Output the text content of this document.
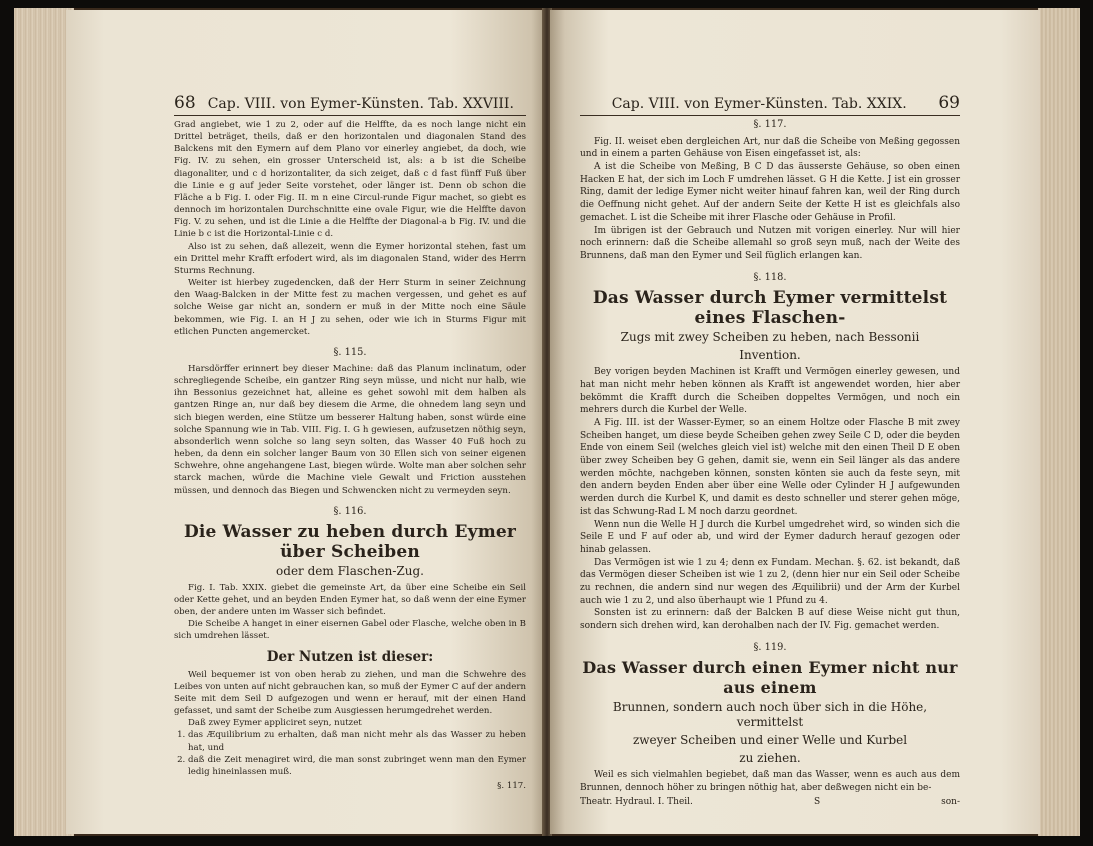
68 Cap. VIII. von Eymer-Künsten. Tab. XXVIII.

Grad angiebet, wie 1 zu 2, oder auf die Helffte, da es noch lange nicht ein Drittel beträget, theils, daß er den horizontalen und diagonalen Stand des Balckens mit den Eymern auf dem Plano vor einerley angiebet, da doch, wie Fig. IV. zu sehen, ein grosser Unterscheid ist, als: a b ist die Scheibe diagonaliter, und c d horizontaliter, da sich zeiget, daß c d fast fünff Fuß über die Linie e g auf jeder Seite vorstehet, oder länger ist. Denn ob schon die Fläche a b Fig. I. oder Fig. II. m n eine Circul-runde Figur machet, so giebt es dennoch im horizontalen Durchschnitte eine ovale Figur, wie die Helffte davon Fig. V. zu sehen, und ist die Linie a die Helffte der Diagonal-a b Fig. IV. und die Linie b c ist die Horizontal-Linie c d.

Also ist zu sehen, daß allezeit, wenn die Eymer horizontal stehen, fast um ein Drittel mehr Krafft erfodert wird, als im diagonalen Stand, wider des Herrn Sturms Rechnung.

Weiter ist hierbey zugedencken, daß der Herr Sturm in seiner Zeichnung den Waag-Balcken in der Mitte fest zu machen vergessen, und gehet es auf solche Weise gar nicht an, sondern er muß in der Mitte noch eine Säule bekommen, wie Fig. I. an H J zu sehen, oder wie ich in Sturms Figur mit etlichen Puncten angemercket.

§. 115.

Harsdörffer erinnert bey dieser Machine: daß das Planum inclinatum, oder schregliegende Scheibe, ein gantzer Ring seyn müsse, und nicht nur halb, wie ihn Bessonius gezeichnet hat, alleine es gehet sowohl mit dem halben als gantzen Ringe an, nur daß bey diesem die Arme, die ohnedem lang seyn und sich biegen werden, eine Stütze um besserer Haltung haben, sonst würde eine solche Spannung wie in Tab. VIII. Fig. I. G h gewiesen, aufzusetzen nöthig seyn, absonderlich wenn solche so lang seyn solten, das Wasser 40 Fuß hoch zu heben, da denn ein solcher langer Baum von 30 Ellen sich von seiner eigenen Schwehre, ohne angehangene Last, biegen würde. Wolte man aber solchen sehr starck machen, würde die Machine viele Gewalt und Friction ausstehen müssen, und dennoch das Biegen und Schwencken nicht zu vermeyden seyn.

§. 116.
Die Wasser zu heben durch Eymer über Scheiben
oder dem Flaschen-Zug.

Fig. I. Tab. XXIX. giebet die gemeinste Art, da über eine Scheibe ein Seil oder Kette gehet, und an beyden Enden Eymer hat, so daß wenn der eine Eymer oben, der andere unten im Wasser sich befindet.

Die Scheibe A hanget in einer eisernen Gabel oder Flasche, welche oben in B sich umdrehen lässet.

Der Nutzen ist dieser:

Weil bequemer ist von oben herab zu ziehen, und man die Schwehre des Leibes von unten auf nicht gebrauchen kan, so muß der Eymer C auf der andern Seite mit dem Seil D aufgezogen und wenn er herauf, mit der einen Hand gefasset, und samt der Scheibe zum Ausgiessen herumgedrehet werden.

Daß zwey Eymer appliciret seyn, nutzet

1. das Æquilibrium zu erhalten, daß man nicht mehr als das Wasser zu heben hat, und
2. daß die Zeit menagiret wird, die man sonst zubringet wenn man den Eymer ledig hineinlassen muß.
§. 117.
Cap. VIII. von Eymer-Künsten. Tab. XXIX.	69
§. 117.

Fig. II. weiset eben dergleichen Art, nur daß die Scheibe von Meßing gegossen und in einem a parten Gehäuse von Eisen eingefasset ist, als:

A ist die Scheibe von Meßing, B C D das äusserste Gehäuse, so oben einen Hacken E hat, der sich im Loch F umdrehen lässet. G H die Kette. J ist ein grosser Ring, damit der ledige Eymer nicht weiter hinauf fahren kan, weil der Ring durch die Oeffnung nicht gehet. Auf der andern Seite der Kette H ist es gleichfals also gemachet. L ist die Scheibe mit ihrer Flasche oder Gehäuse in Profil.

Im übrigen ist der Gebrauch und Nutzen mit vorigen einerley. Nur will hier noch erinnern: daß die Scheibe allemahl so groß seyn muß, nach der Weite des Brunnens, daß man den Eymer und Seil füglich erlangen kan.

§. 118.
Das Wasser durch Eymer vermittelst eines Flaschen-
Zugs mit zwey Scheiben zu heben, nach Bessonii
Invention.

Bey vorigen beyden Machinen ist Krafft und Vermögen einerley gewesen, und hat man nicht mehr heben können als Krafft ist angewendet worden, hier aber bekömmt die Krafft durch die Scheiben doppeltes Vermögen, und noch ein mehrers durch die Kurbel der Welle.

A Fig. III. ist der Wasser-Eymer, so an einem Holtze oder Flasche B mit zwey Scheiben hanget, um diese beyde Scheiben gehen zwey Seile C D, oder die beyden Ende von einem Seil (welches gleich viel ist) welche mit den einen Theil D E oben über zwey Scheiben bey G gehen, damit sie, wenn ein Seil länger als das andere werden möchte, nachgeben können, sonsten könten sie auch da feste seyn, mit den andern beyden Enden aber über eine Welle oder Cylinder H J aufgewunden werden durch die Kurbel K, und damit es desto schneller und sterer gehen möge, ist das Schwung-Rad L M noch darzu geordnet.

Wenn nun die Welle H J durch die Kurbel umgedrehet wird, so winden sich die Seile E und F auf oder ab, und wird der Eymer dadurch herauf gezogen oder hinab gelassen.

Das Vermögen ist wie 1 zu 4; denn ex Fundam. Mechan. §. 62. ist bekandt, daß das Vermögen dieser Scheiben ist wie 1 zu 2, (denn hier nur ein Seil oder Scheibe zu rechnen, die andern sind nur wegen des Æquilibrii) und der Arm der Kurbel auch wie 1 zu 2, und also überhaupt wie 1 Pfund zu 4.

Sonsten ist zu erinnern: daß der Balcken B auf diese Weise nicht gut thun, sondern sich drehen wird, kan derohalben nach der IV. Fig. gemachet werden.

§. 119.
Das Wasser durch einen Eymer nicht nur aus einem
Brunnen, sondern auch noch über sich in die Höhe, vermittelst
zweyer Scheiben und einer Welle und Kurbel
zu ziehen.

Weil es sich vielmahlen begiebet, daß man das Wasser, wenn es auch aus dem Brunnen, dennoch höher zu bringen nöthig hat, aber deßwegen nicht ein be-

Theatr. Hydraul. I. Theil.	S	son-
